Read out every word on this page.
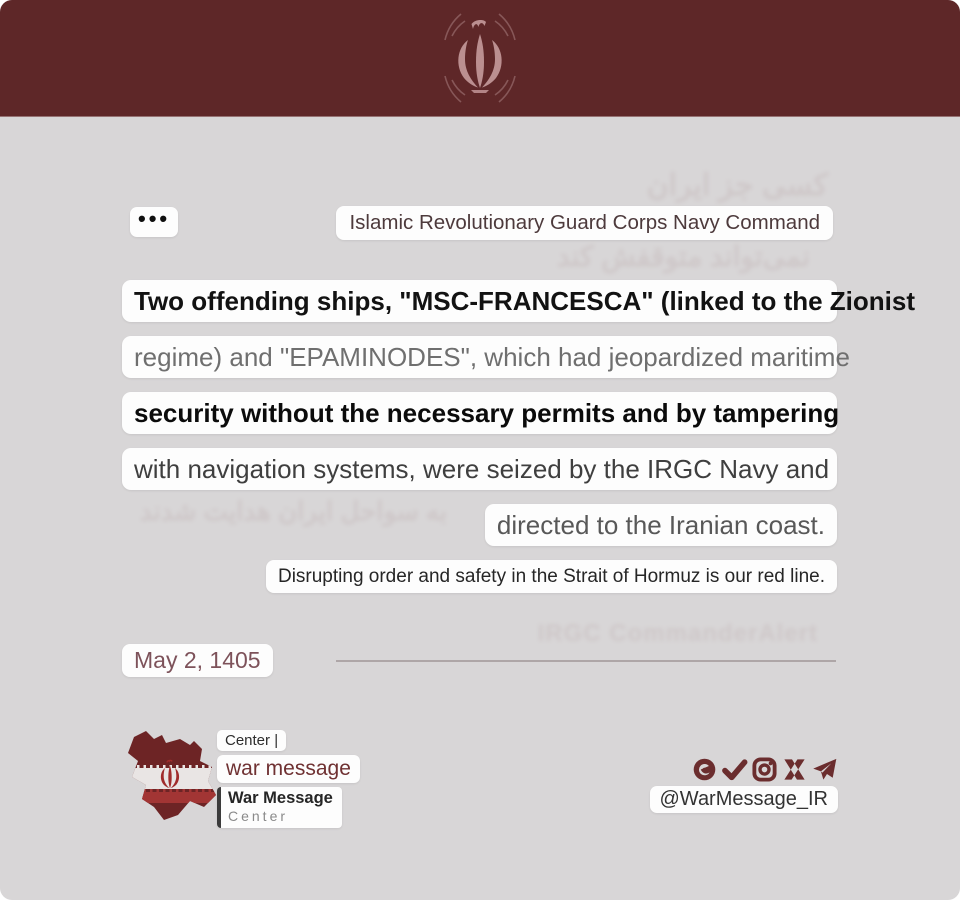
کسی جز ایران
نمی‌تواند متوقفش کند
به سواحل ایران هدایت شدند
IRGC CommanderAlert
•••	Islamic Revolutionary Guard Corps Navy Command
Two offending ships, "MSC-FRANCESCA" (linked to the Zionist
regime) and "EPAMINODES", which had jeopardized maritime
security without the necessary permits and by tampering
with navigation systems, were seized by the IRGC Navy and
directed to the Iranian coast.
Disrupting order and safety in the Strait of Hormuz is our red line.
May 2, 1405
Center |
war message
War Message
Center
@WarMessage_IR
